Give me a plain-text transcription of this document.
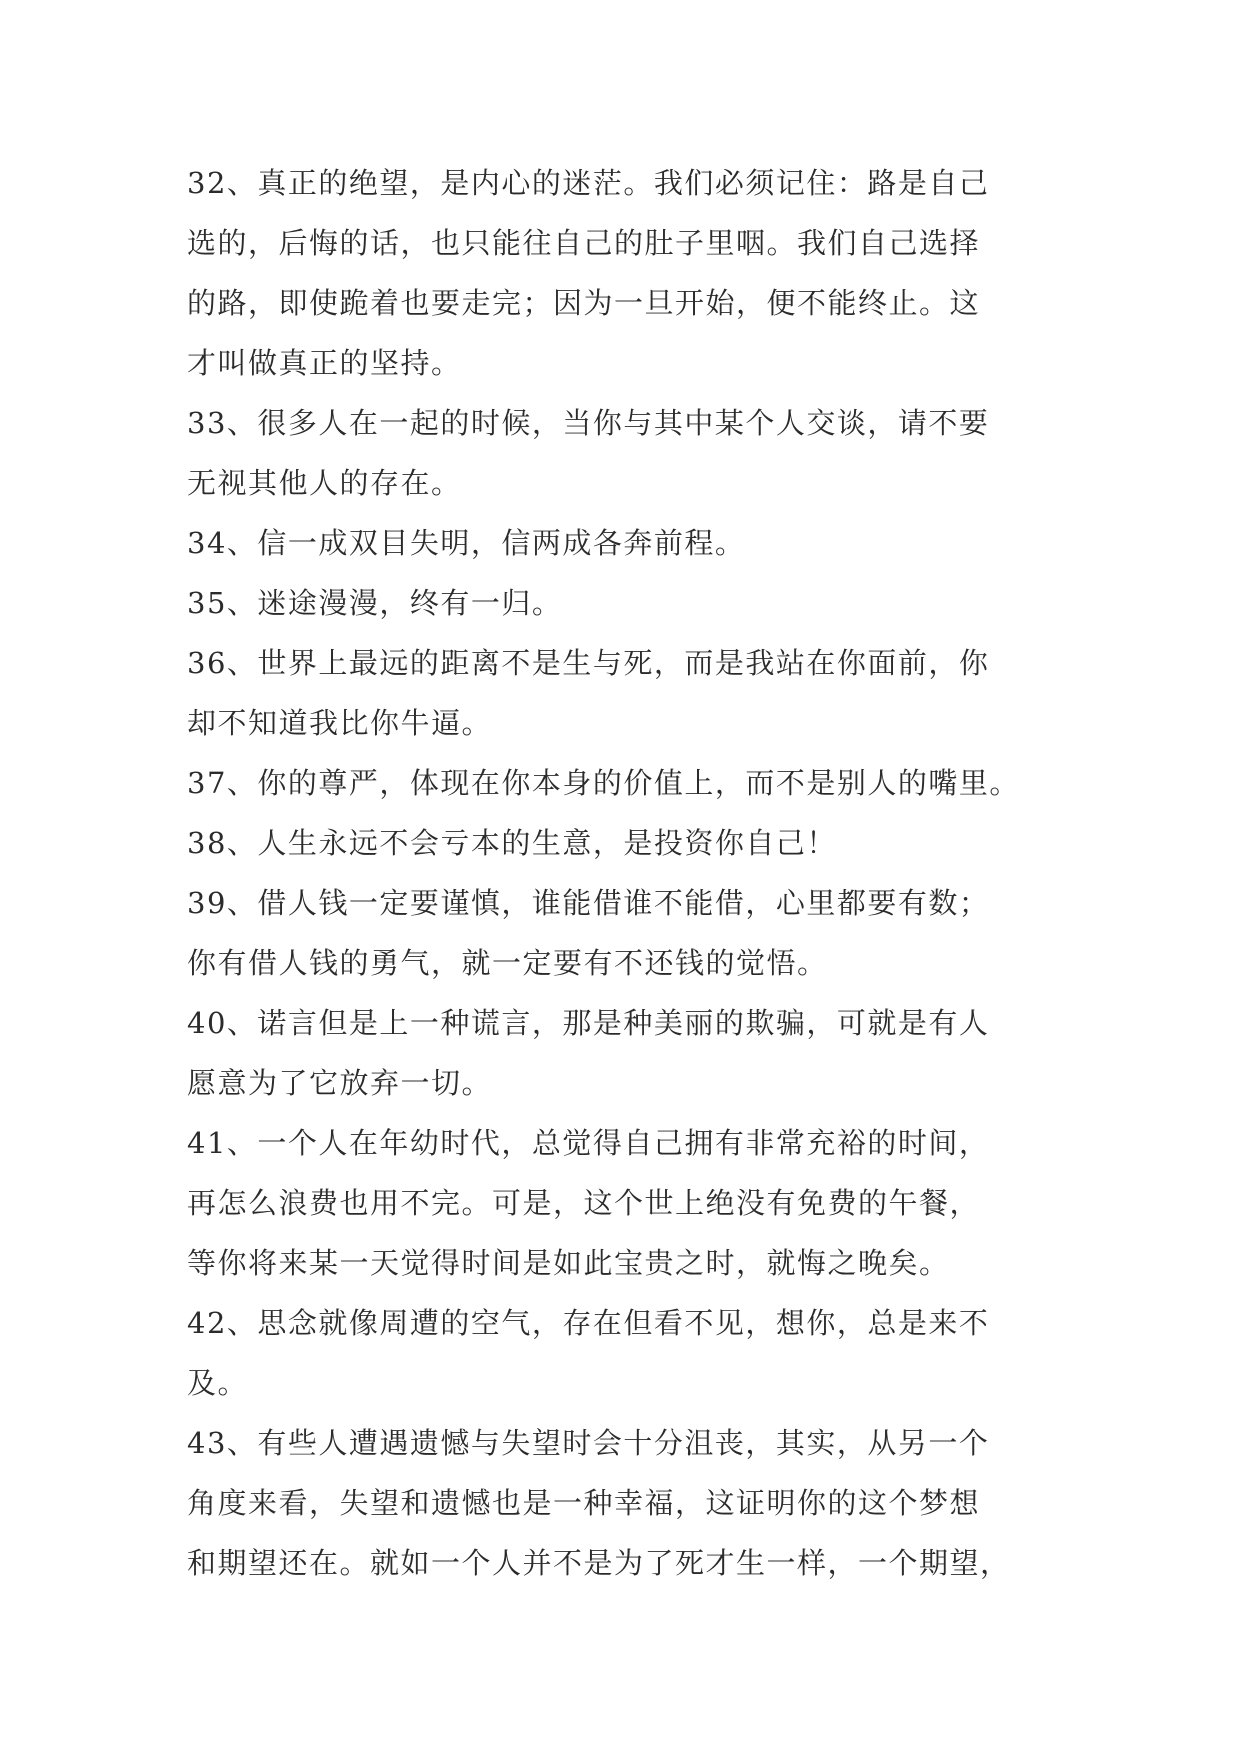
32、真正的绝望，是内心的迷茫。我们必须记住：路是自己
选的，后悔的话，也只能往自己的肚子里咽。我们自己选择
的路，即使跪着也要走完；因为一旦开始，便不能终止。这
才叫做真正的坚持。
33、很多人在一起的时候，当你与其中某个人交谈，请不要
无视其他人的存在。
34、信一成双目失明，信两成各奔前程。
35、迷途漫漫，终有一归。
36、世界上最远的距离不是生与死，而是我站在你面前，你
却不知道我比你牛逼。
37、你的尊严，体现在你本身的价值上，而不是别人的嘴里。
38、人生永远不会亏本的生意，是投资你自己！
39、借人钱一定要谨慎，谁能借谁不能借，心里都要有数；
你有借人钱的勇气，就一定要有不还钱的觉悟。
40、诺言但是上一种谎言，那是种美丽的欺骗，可就是有人
愿意为了它放弃一切。
41、一个人在年幼时代，总觉得自己拥有非常充裕的时间，
再怎么浪费也用不完。可是，这个世上绝没有免费的午餐，
等你将来某一天觉得时间是如此宝贵之时，就悔之晚矣。
42、思念就像周遭的空气，存在但看不见，想你，总是来不
及。
43、有些人遭遇遗憾与失望时会十分沮丧，其实，从另一个
角度来看，失望和遗憾也是一种幸福，这证明你的这个梦想
和期望还在。就如一个人并不是为了死才生一样，一个期望，
